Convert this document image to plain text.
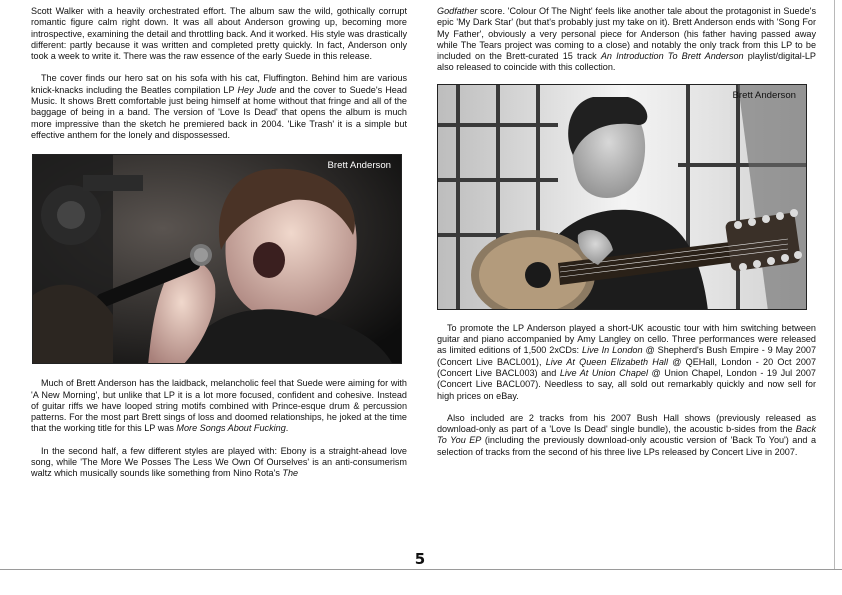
Scott Walker with a heavily orchestrated effort. The album saw the wild, gothically corrupt romantic figure calm right down. It was all about Anderson growing up, becoming more introspective, examining the detail and throttling back. And it worked. His style was drastically different: partly because it was written and completed pretty quickly. In fact, Anderson only took a week to write it. There was the raw essence of the early Suede in this release.

The cover finds our hero sat on his sofa with his cat, Fluffington. Behind him are various knick-knacks including the Beatles compilation LP Hey Jude and the cover to Suede's Head Music. It shows Brett comfortable just being himself at home without that fringe and all of the baggage of being in a band. The version of 'Love Is Dead' that opens the album is much more impressive than the sketch he premiered back in 2004. 'Like Trash' it is a simple but effective anthem for the lonely and dispossessed.

Brett Anderson

Much of Brett Anderson has the laidback, melancholic feel that Suede were aiming for with 'A New Morning', but unlike that LP it is a lot more focused, confident and cohesive. Instead of guitar riffs we have looped string motifs combined with Prince-esque drum & percussion patterns. For the most part Brett sings of loss and doomed relationships, he joked at the time that the working title for this LP was More Songs About Fucking.

In the second half, a few different styles are played with: Ebony is a straight-ahead love song, while 'The More We Posses The Less We Own Of Ourselves' is an anti-consumerism waltz which musically sounds like something from Nino Rota's The

Godfather score. 'Colour Of The Night' feels like another tale about the protagonist in Suede's epic 'My Dark Star' (but that's probably just my take on it). Brett Anderson ends with 'Song For My Father', obviously a very personal piece for Anderson (his father having passed away while The Tears project was coming to a close) and notably the only track from this LP to be included on the Brett-curated 15 track An Introduction To Brett Anderson playlist/digital-LP also released to coincide with this collection.

Brett Anderson

To promote the LP Anderson played a short-UK acoustic tour with him switching between guitar and piano accompanied by Amy Langley on cello. Three performances were released as limited editions of 1,500 2xCDs: Live In London @ Shepherd's Bush Empire - 9 May 2007 (Concert Live BACL001), Live At Queen Elizabeth Hall @ QEHall, London - 20 Oct 2007 (Concert Live BACL003) and Live At Union Chapel @ Union Chapel, London - 19 Jul 2007 (Concert Live BACL007). Needless to say, all sold out remarkably quickly and now sell for high prices on eBay.

Also included are 2 tracks from his 2007 Bush Hall shows (previously released as download-only as part of a 'Love Is Dead' single bundle), the acoustic b-sides from the Back To You EP (including the previously download-only acoustic version of 'Back To You') and a selection of tracks from the second of his three live LPs released by Concert Live in 2007.

5
